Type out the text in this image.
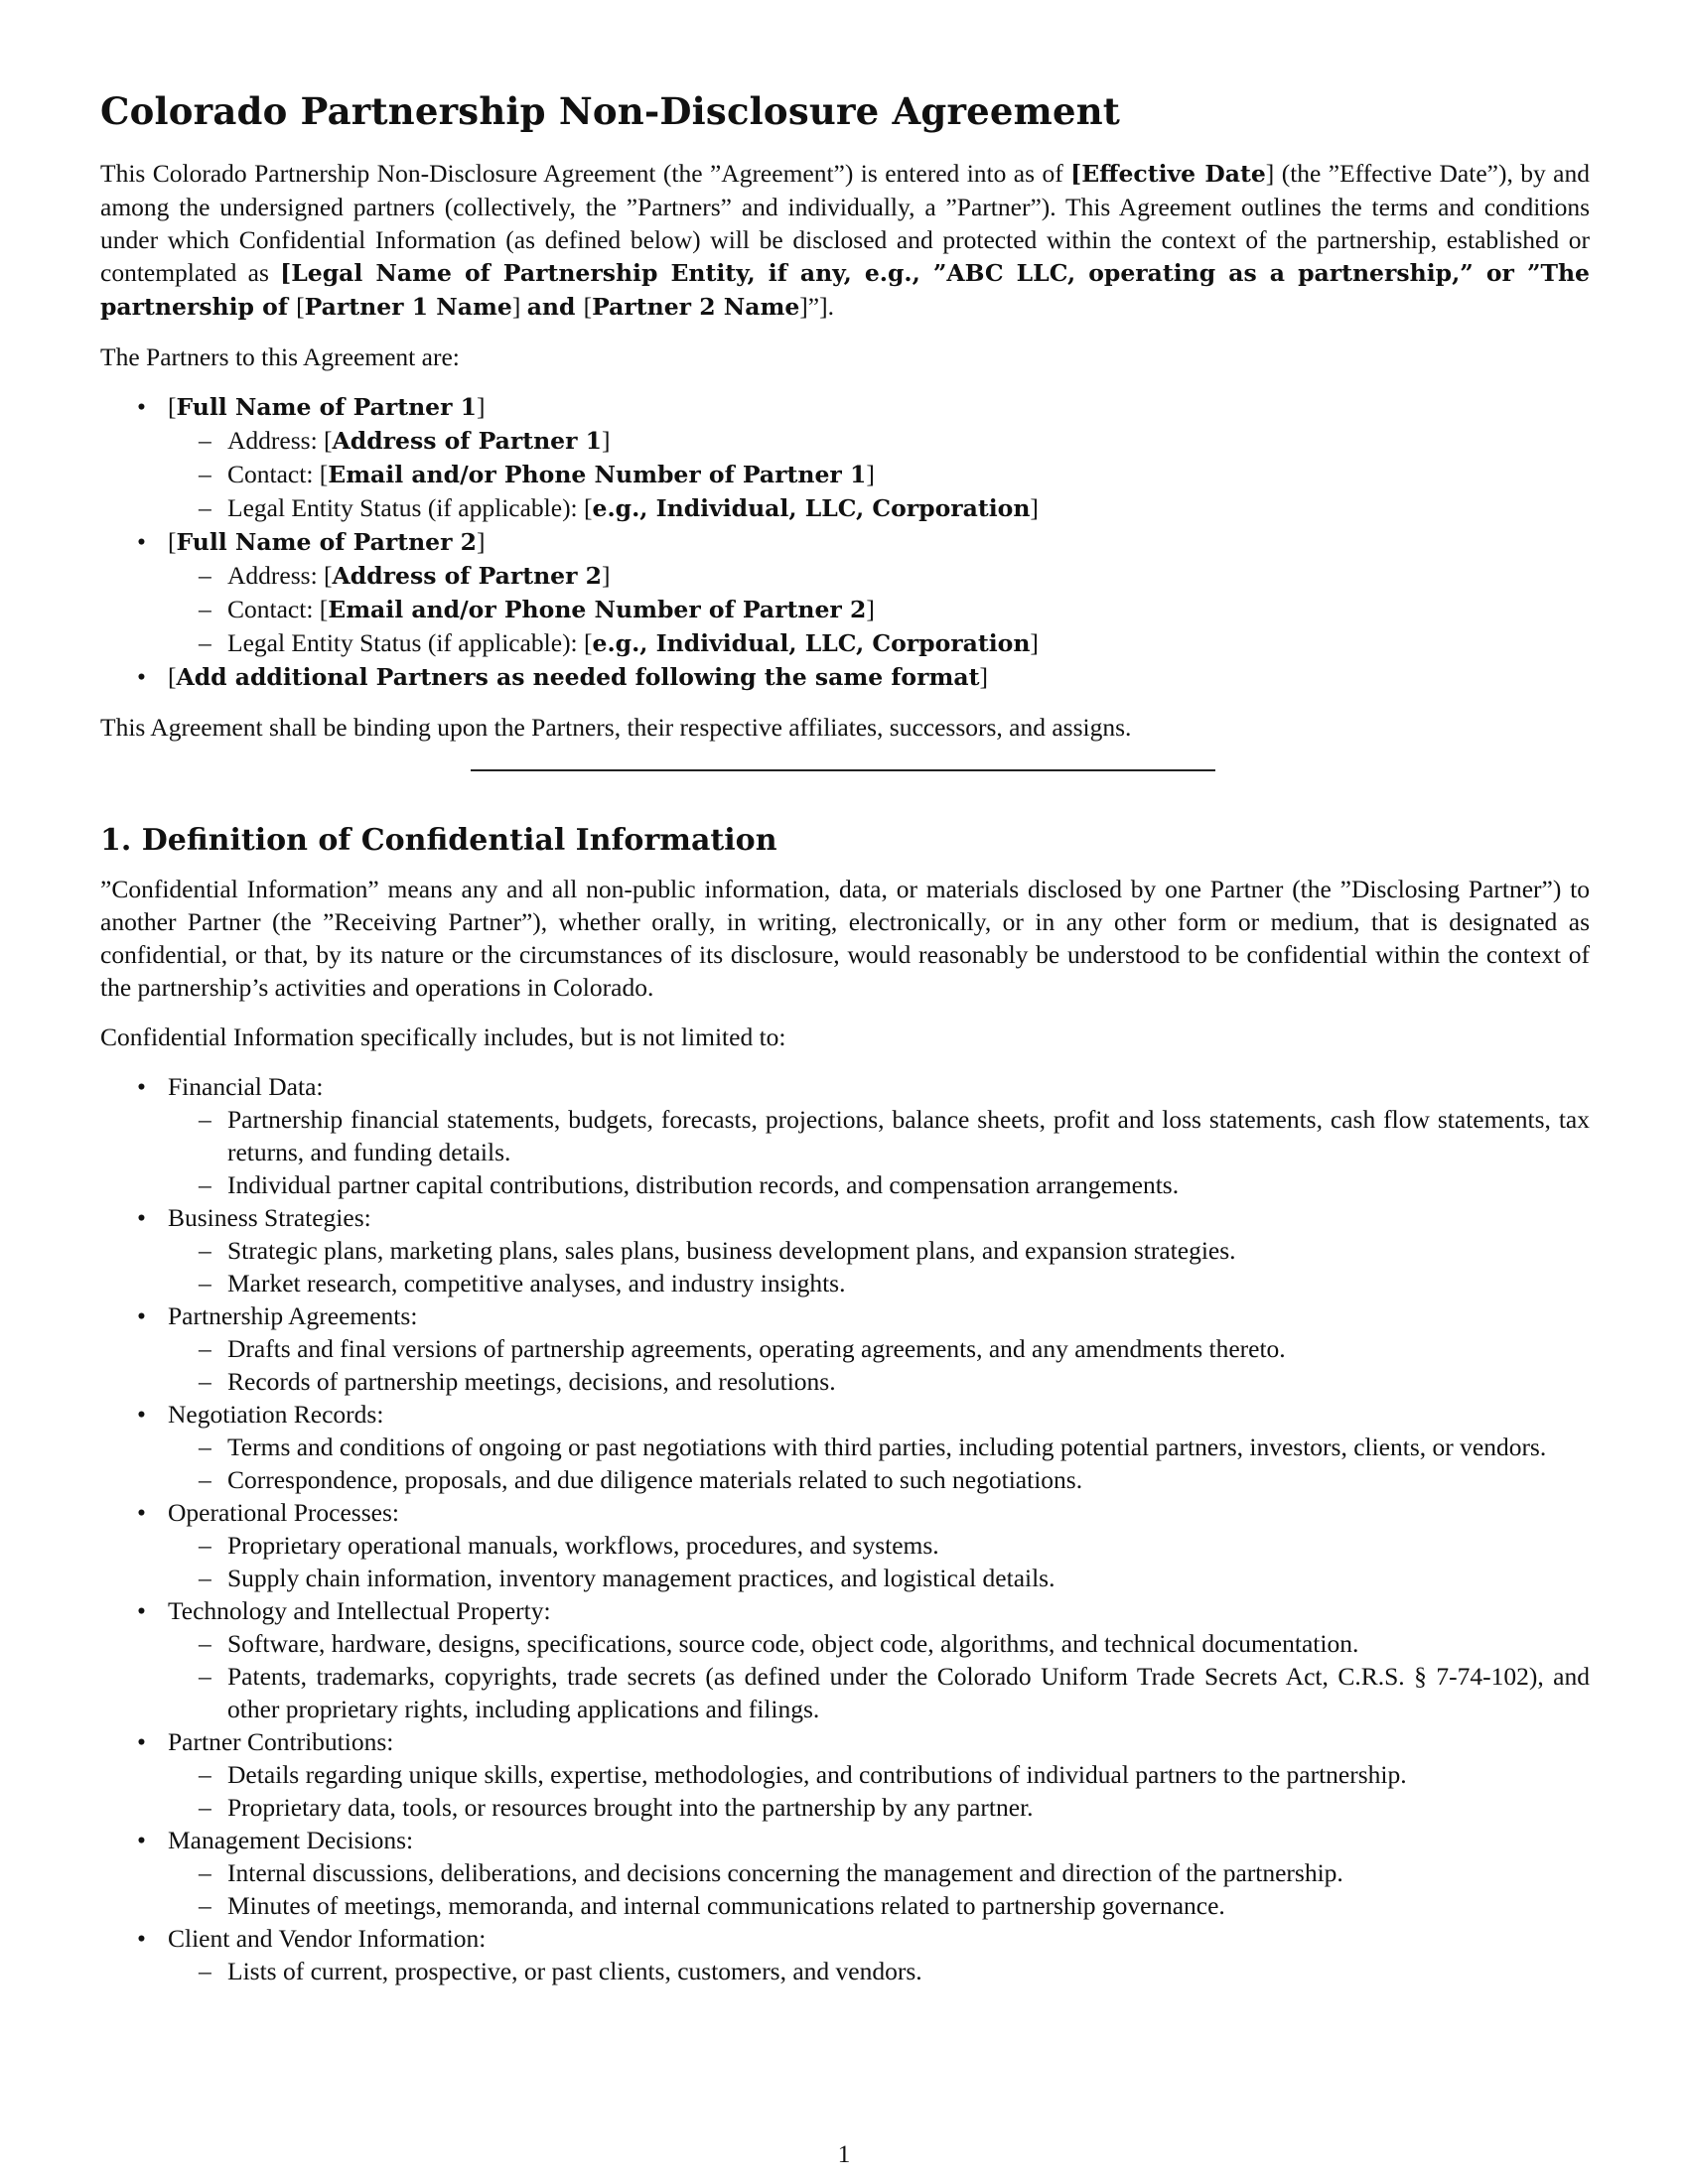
Colorado Partnership Non-Disclosure Agreement

This Colorado Partnership Non-Disclosure Agreement (the ”Agreement”) is entered into as of [Effective Date] (the ”Effective Date”), by and among the undersigned partners (collectively, the ”Partners” and individually, a ”Partner”). This Agreement outlines the terms and conditions under which Confidential Information (as defined below) will be disclosed and protected within the context of the partnership, established or contemplated as [Legal Name of Partnership Entity, if any, e.g., ”ABC LLC, operating as a partnership,” or ”The partnership of [Partner 1 Name] and [Partner 2 Name]”].

The Partners to this Agreement are:

• [Full Name of Partner 1]
– Address: [Address of Partner 1]
– Contact: [Email and/or Phone Number of Partner 1]
– Legal Entity Status (if applicable): [e.g., Individual, LLC, Corporation]
• [Full Name of Partner 2]
– Address: [Address of Partner 2]
– Contact: [Email and/or Phone Number of Partner 2]
– Legal Entity Status (if applicable): [e.g., Individual, LLC, Corporation]
• [Add additional Partners as needed following the same format]

This Agreement shall be binding upon the Partners, their respective affiliates, successors, and assigns.

1. Definition of Confidential Information

”Confidential Information” means any and all non-public information, data, or materials disclosed by one Partner (the ”Disclosing Partner”) to another Partner (the ”Receiving Partner”), whether orally, in writing, electronically, or in any other form or medium, that is designated as confidential, or that, by its nature or the circumstances of its disclosure, would reasonably be understood to be confidential within the context of the partnership’s activities and operations in Colorado.

Confidential Information specifically includes, but is not limited to:

• Financial Data:
– Partnership financial statements, budgets, forecasts, projections, balance sheets, profit and loss statements, cash flow statements, tax returns, and funding details.
– Individual partner capital contributions, distribution records, and compensation arrangements.
• Business Strategies:
– Strategic plans, marketing plans, sales plans, business development plans, and expansion strategies.
– Market research, competitive analyses, and industry insights.
• Partnership Agreements:
– Drafts and final versions of partnership agreements, operating agreements, and any amendments thereto.
– Records of partnership meetings, decisions, and resolutions.
• Negotiation Records:
– Terms and conditions of ongoing or past negotiations with third parties, including potential partners, investors, clients, or vendors.
– Correspondence, proposals, and due diligence materials related to such negotiations.
• Operational Processes:
– Proprietary operational manuals, workflows, procedures, and systems.
– Supply chain information, inventory management practices, and logistical details.
• Technology and Intellectual Property:
– Software, hardware, designs, specifications, source code, object code, algorithms, and technical documentation.
– Patents, trademarks, copyrights, trade secrets (as defined under the Colorado Uniform Trade Secrets Act, C.R.S. § 7-74-102), and other proprietary rights, including applications and filings.
• Partner Contributions:
– Details regarding unique skills, expertise, methodologies, and contributions of individual partners to the partnership.
– Proprietary data, tools, or resources brought into the partnership by any partner.
• Management Decisions:
– Internal discussions, deliberations, and decisions concerning the management and direction of the partnership.
– Minutes of meetings, memoranda, and internal communications related to partnership governance.
• Client and Vendor Information:
– Lists of current, prospective, or past clients, customers, and vendors.
1
